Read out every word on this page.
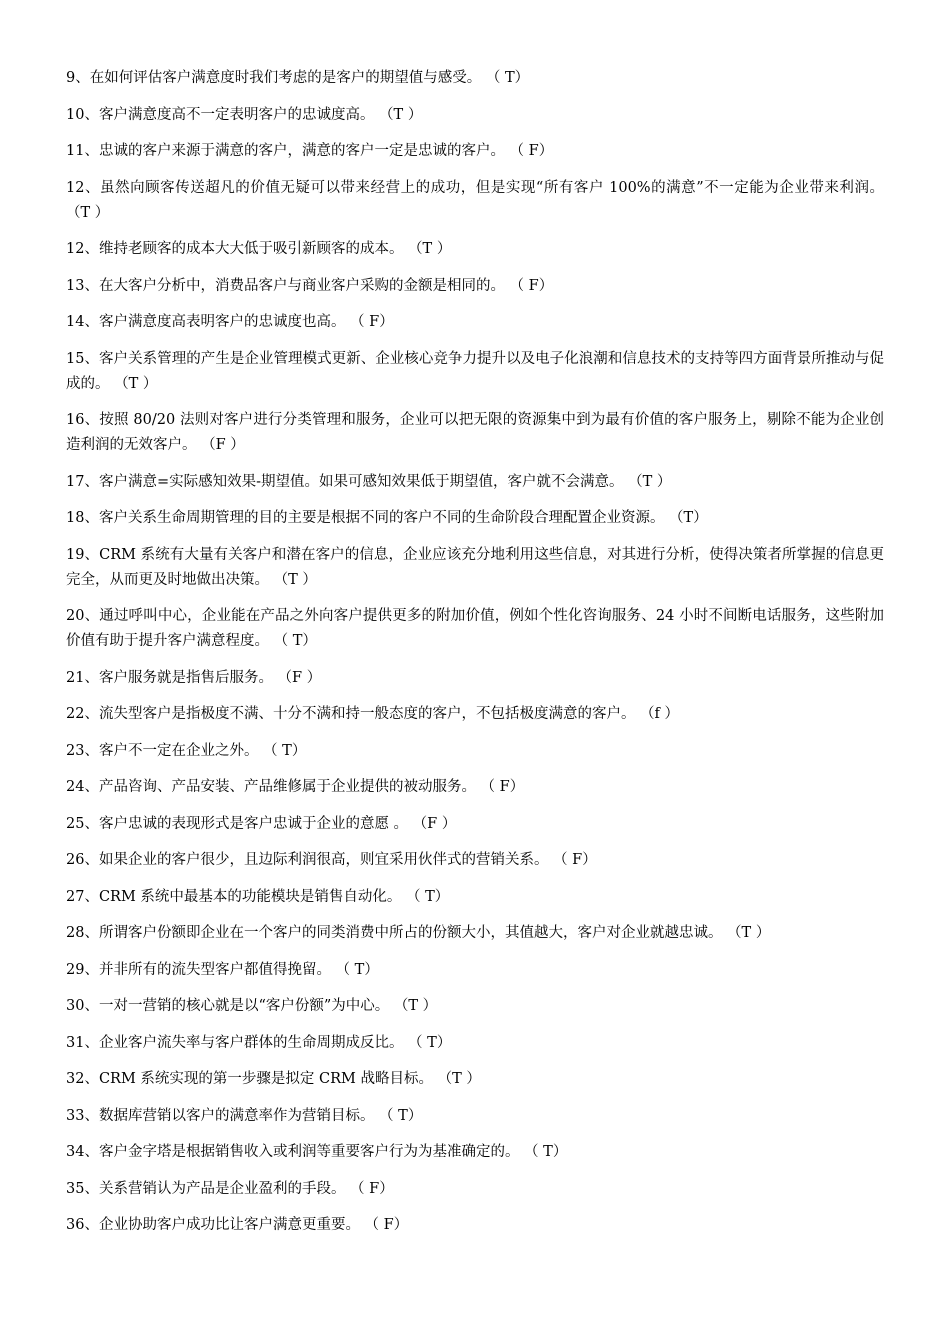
9、在如何评估客户满意度时我们考虑的是客户的期望值与感受。 （ T）
10、客户满意度高不一定表明客户的忠诚度高。 （T ）
11、忠诚的客户来源于满意的客户，满意的客户一定是忠诚的客户。 （ F）
12、虽然向顾客传送超凡的价值无疑可以带来经营上的成功，但是实现“所有客户 100%的满意”不一定能为企业带来利润。 （T ）
12、维持老顾客的成本大大低于吸引新顾客的成本。 （T ）
13、在大客户分析中，消费品客户与商业客户采购的金额是相同的。 （ F）
14、客户满意度高表明客户的忠诚度也高。 （ F）
15、客户关系管理的产生是企业管理模式更新、企业核心竞争力提升以及电子化浪潮和信息技术的支持等四方面背景所推动与促成的。 （T ）
16、按照 80/20 法则对客户进行分类管理和服务，企业可以把无限的资源集中到为最有价值的客户服务上，剔除不能为企业创造利润的无效客户。 （F ）
17、客户满意=实际感知效果-期望值。如果可感知效果低于期望值，客户就不会满意。 （T ）
18、客户关系生命周期管理的目的主要是根据不同的客户不同的生命阶段合理配置企业资源。 （T）
19、CRM 系统有大量有关客户和潜在客户的信息，企业应该充分地利用这些信息，对其进行分析，使得决策者所掌握的信息更完全，从而更及时地做出决策。 （T ）
20、通过呼叫中心，企业能在产品之外向客户提供更多的附加价值，例如个性化咨询服务、24 小时不间断电话服务，这些附加价值有助于提升客户满意程度。 （ T）
21、客户服务就是指售后服务。 （F ）
22、流失型客户是指极度不满、十分不满和持一般态度的客户，不包括极度满意的客户。 （f ）
23、客户不一定在企业之外。 （ T）
24、产品咨询、产品安装、产品维修属于企业提供的被动服务。 （ F）
25、客户忠诚的表现形式是客户忠诚于企业的意愿 。 （F ）
26、如果企业的客户很少，且边际利润很高，则宜采用伙伴式的营销关系。 （ F）
27、CRM 系统中最基本的功能模块是销售自动化。 （ T）
28、所谓客户份额即企业在一个客户的同类消费中所占的份额大小，其值越大，客户对企业就越忠诚。 （T ）
29、并非所有的流失型客户都值得挽留。 （ T）
30、一对一营销的核心就是以“客户份额”为中心。 （T ）
31、企业客户流失率与客户群体的生命周期成反比。 （ T）
32、CRM 系统实现的第一步骤是拟定 CRM 战略目标。 （T ）
33、数据库营销以客户的满意率作为营销目标。 （ T）
34、客户金字塔是根据销售收入或利润等重要客户行为为基准确定的。 （ T）
35、关系营销认为产品是企业盈利的手段。 （ F）
36、企业协助客户成功比让客户满意更重要。 （ F）
